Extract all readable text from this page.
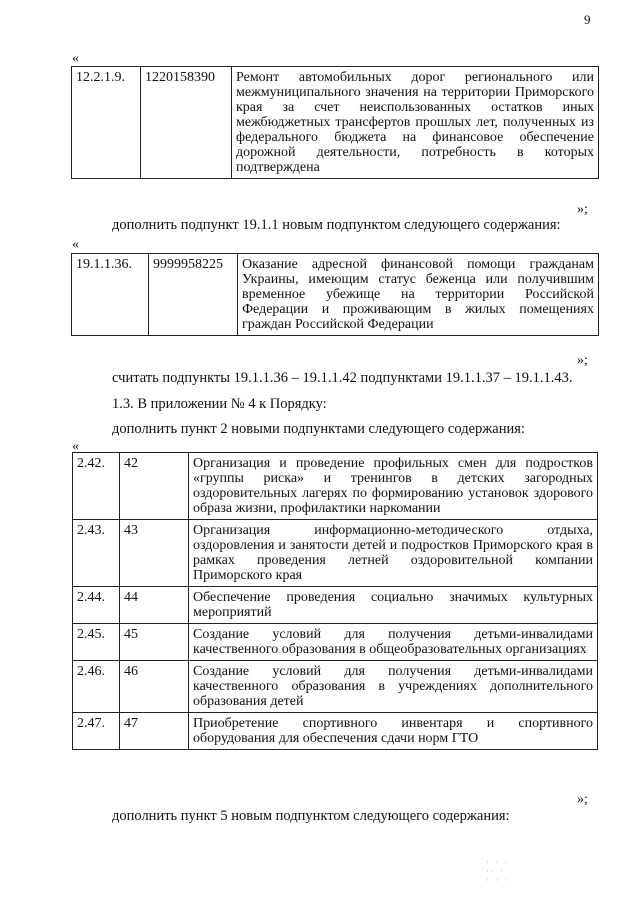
9
«
12.2.1.9.	1220158390	Ремонт автомобильных дорог регионального или межмуниципального значения на территории Приморского края за счет неиспользованных остатков иных межбюджетных трансфертов прошлых лет, полученных из федерального бюджета на финансовое обеспечение дорожной деятельности, потребность в которых подтверждена
»;
дополнить подпункт 19.1.1 новым подпунктом следующего содержания:
«
19.1.1.36.	9999958225	Оказание адресной финансовой помощи гражданам Украины, имеющим статус беженца или получившим временное убежище на территории Российской Федерации и проживающим в жилых помещениях граждан Российской Федерации
»;
считать подпункты 19.1.1.36 – 19.1.1.42 подпунктами 19.1.1.37 – 19.1.1.43.
1.3. В приложении № 4 к Порядку:
дополнить пункт 2 новыми подпунктами следующего содержания:
«
2.42.	42	Организация и проведение профильных смен для подростков «группы риска» и тренингов в детских загородных оздоровительных лагерях по формированию установок здорового образа жизни, профилактики наркомании
2.43.	43	Организация информационно-методического отдыха, оздоровления и занятости детей и подростков Приморского края в рамках проведения летней оздоровительной компании Приморского края
2.44.	44	Обеспечение проведения социально значимых культурных мероприятий
2.45.	45	Создание условий для получения детьми-инвалидами качественного образования в общеобразовательных организациях
2.46.	46	Создание условий для получения детьми-инвалидами качественного образования в учреждениях дополнительного образования детей
2.47.	47	Приобретение спортивного инвентаря и спортивного оборудования для обеспечения сдачи норм ГТО
»;
дополнить пункт 5 новым подпунктом следующего содержания:
· · ·
·· ·
· · ·
